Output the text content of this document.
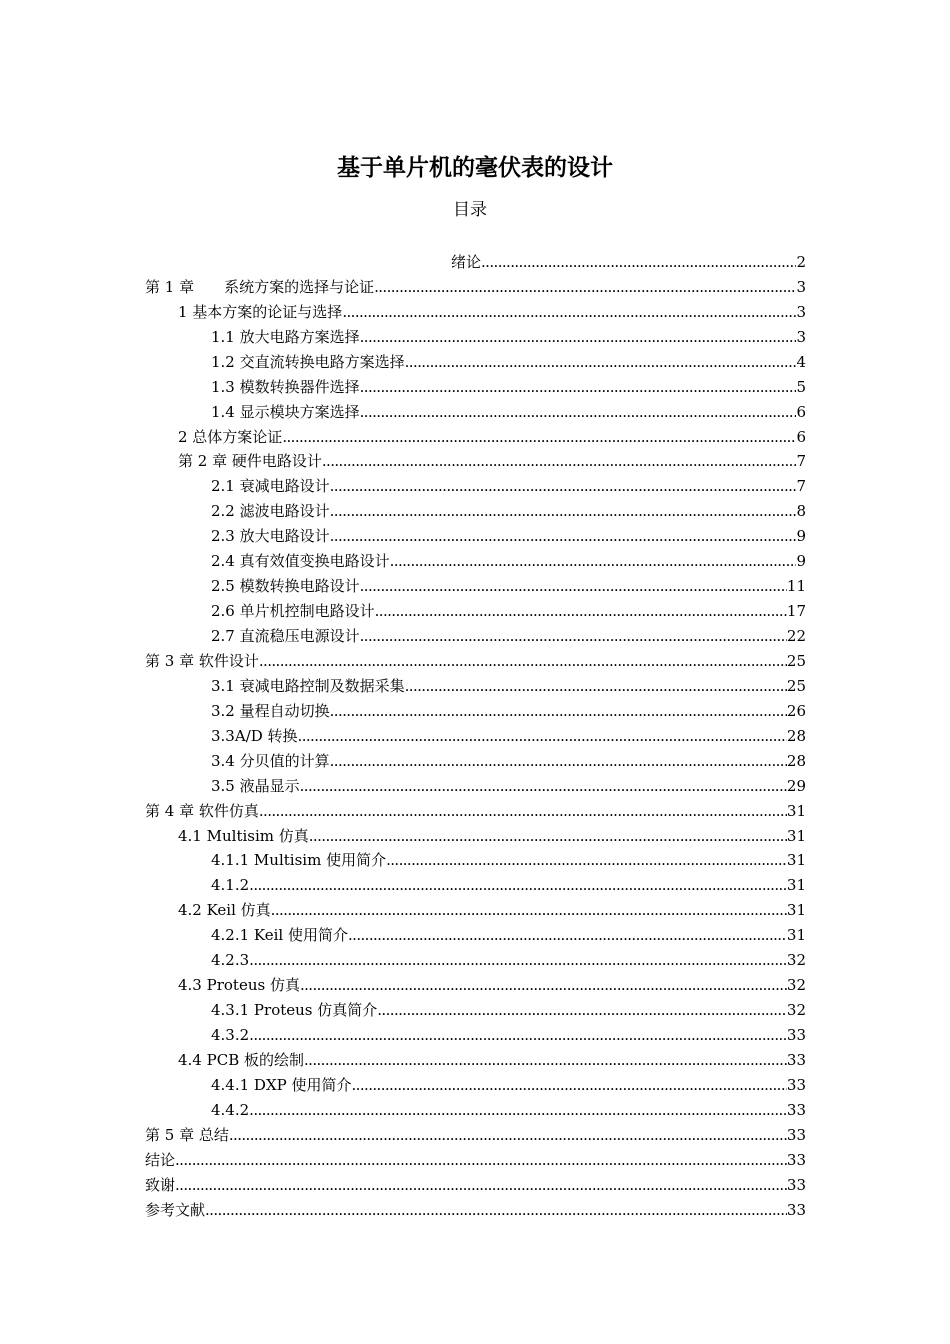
基于单片机的毫伏表的设计
目录
绪论 .....	2
第 1 章　　系统方案的选择与论证 .....	3
1 基本方案的论证与选择 .....	3
1.1 放大电路方案选择 .....	3
1.2 交直流转换电路方案选择 .....	4
1.3 模数转换器件选择 .....	5
1.4 显示模块方案选择 .....	6
2 总体方案论证 .....	6
第 2 章 硬件电路设计 .....	7
2.1 衰减电路设计 .....	7
2.2 滤波电路设计 .....	8
2.3 放大电路设计 .....	9
2.4 真有效值变换电路设计 .....	9
2.5 模数转换电路设计 .....	11
2.6 单片机控制电路设计 .....	17
2.7 直流稳压电源设计 .....	22
第 3 章 软件设计 .....	25
3.1 衰减电路控制及数据采集 .....	25
3.2 量程自动切换 .....	26
3.3A/D 转换 .....	28
3.4 分贝值的计算 .....	28
3.5 液晶显示 .....	29
第 4 章 软件仿真 .....	31
4.1 Multisim 仿真 .....	31
4.1.1 Multisim 使用简介 .....	31
4.1.2 .....	31
4.2 Keil 仿真 .....	31
4.2.1 Keil 使用简介 .....	31
4.2.3 .....	32
4.3 Proteus 仿真 .....	32
4.3.1 Proteus 仿真简介 .....	32
4.3.2 .....	33
4.4 PCB 板的绘制 .....	33
4.4.1 DXP 使用简介 .....	33
4.4.2 .....	33
第 5 章 总结 .....	33
结论 .....	33
致谢 .....	33
参考文献 .....	33
